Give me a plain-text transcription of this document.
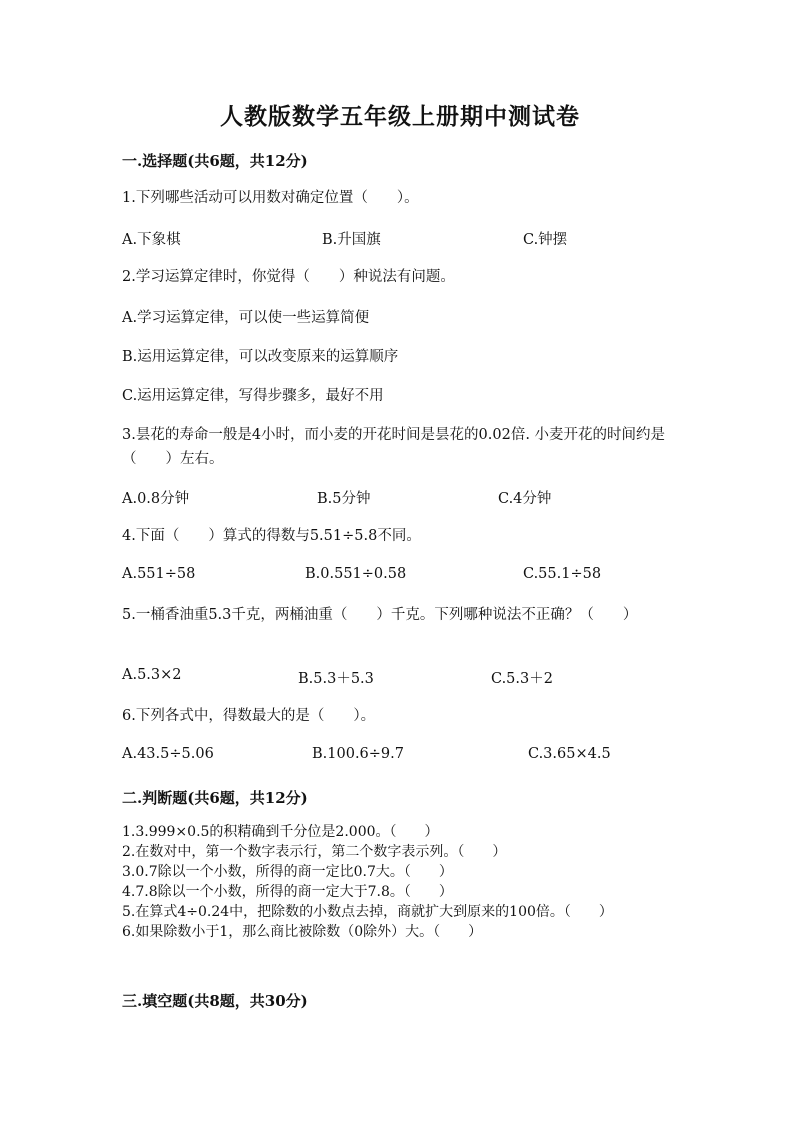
人教版数学五年级上册期中测试卷
一.选择题(共6题，共12分)
1.下列哪些活动可以用数对确定位置（　　）。
A.下象棋	B.升国旗	C.钟摆
2.学习运算定律时，你觉得（　　）种说法有问题。
A.学习运算定律，可以使一些运算简便
B.运用运算定律，可以改变原来的运算顺序
C.运用运算定律，写得步骤多，最好不用
3.昙花的寿命一般是4小时，而小麦的开花时间是昙花的0.02倍. 小麦开花的时间约是（　　）左右。
A.0.8分钟	B.5分钟	C.4分钟
4.下面（　　）算式的得数与5.51÷5.8不同。
A.551÷58	B.0.551÷0.58	C.55.1÷58
5.一桶香油重5.3千克，两桶油重（　　）千克。下列哪种说法不正确？（　　）
A.5.3×2	B.5.3＋5.3	C.5.3＋2
6.下列各式中，得数最大的是（　　）。
A.43.5÷5.06	B.100.6÷9.7	C.3.65×4.5
二.判断题(共6题，共12分)
1.3.999×0.5的积精确到千分位是2.000。（　　）
2.在数对中，第一个数字表示行，第二个数字表示列。（　　）
3.0.7除以一个小数，所得的商一定比0.7大。（　　）
4.7.8除以一个小数，所得的商一定大于7.8。（　　）
5.在算式4÷0.24中，把除数的小数点去掉，商就扩大到原来的100倍。（　　）
6.如果除数小于1，那么商比被除数（0除外）大。（　　）
三.填空题(共8题，共30分)
